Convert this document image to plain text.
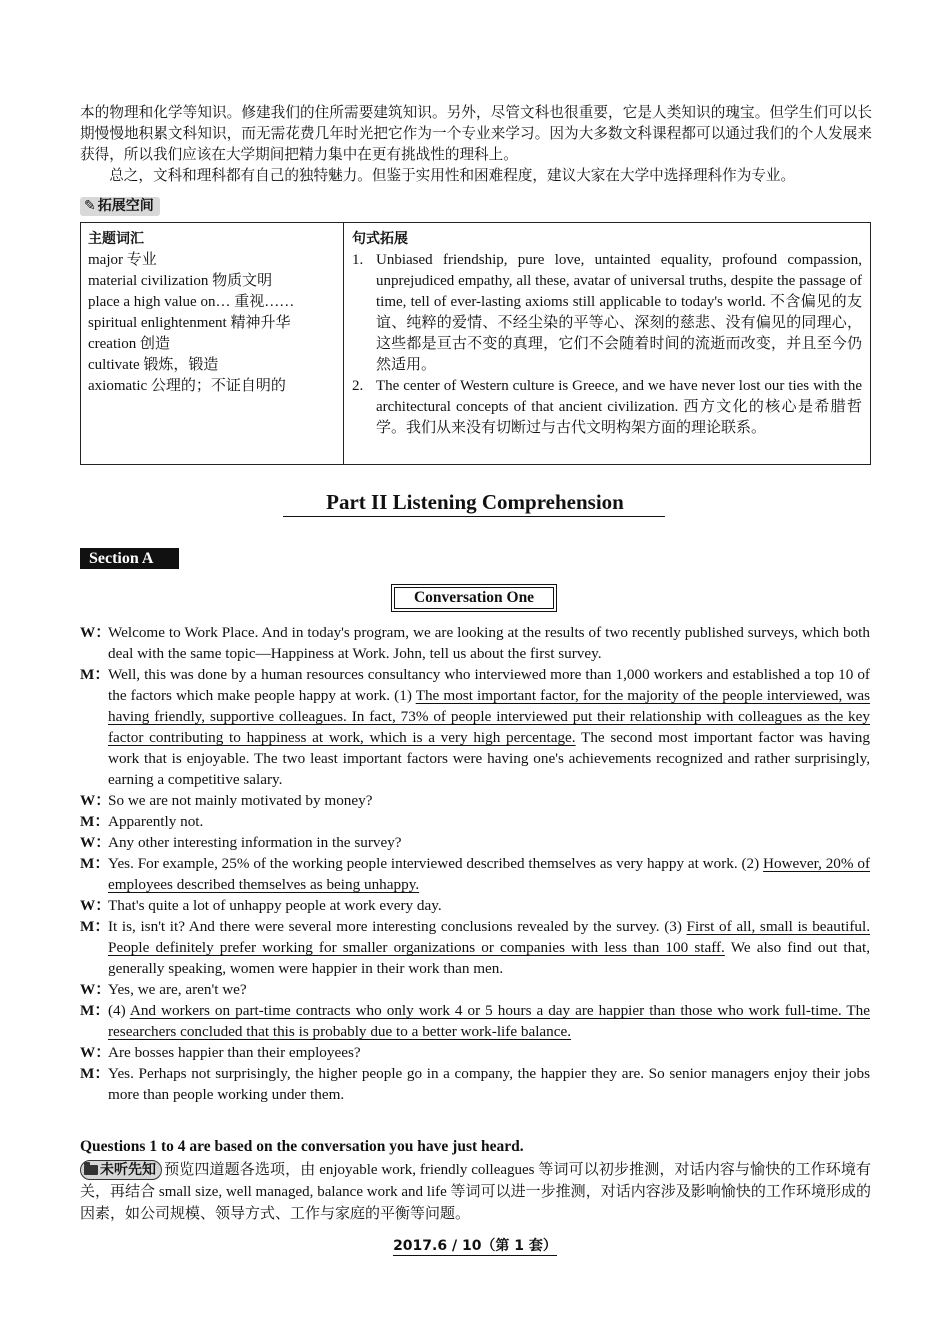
本的物理和化学等知识。修建我们的住所需要建筑知识。另外，尽管文科也很重要，它是人类知识的瑰宝。但学生们可以长期慢慢地积累文科知识，而无需花费几年时光把它作为一个专业来学习。因为大多数文科课程都可以通过我们的个人发展来获得，所以我们应该在大学期间把精力集中在更有挑战性的理科上。

总之，文科和理科都有自己的独特魅力。但鉴于实用性和困难程度，建议大家在大学中选择理科作为专业。

✎ 拓展空间
主题词汇
major 专业
material civilization 物质文明
place a high value on… 重视……
spiritual enlightenment 精神升华
creation 创造
cultivate 锻炼，锻造
axiomatic 公理的；不证自明的
句式拓展
1. Unbiased friendship, pure love, untainted equality, profound compassion, unprejudiced empathy, all these, avatar of universal truths, despite the passage of time, tell of ever-lasting axioms still applicable to today's world. 不含偏见的友谊、纯粹的爱情、不经尘染的平等心、深刻的慈悲、没有偏见的同理心，这些都是亘古不变的真理，它们不会随着时间的流逝而改变，并且至今仍然适用。
2. The center of Western culture is Greece, and we have never lost our ties with the architectural concepts of that ancient civilization. 西方文化的核心是希腊哲学。我们从来没有切断过与古代文明构架方面的理论联系。
Part II Listening Comprehension
Section A
Conversation One
W：
Welcome to Work Place. And in today's program, we are looking at the results of two recently published surveys, which both deal with the same topic—Happiness at Work. John, tell us about the first survey.
M：
Well, this was done by a human resources consultancy who interviewed more than 1,000 workers and established a top 10 of the factors which make people happy at work. (1) The most important factor, for the majority of the people interviewed, was having friendly, supportive colleagues. In fact, 73% of people interviewed put their relationship with colleagues as the key factor contributing to happiness at work, which is a very high percentage. The second most important factor was having work that is enjoyable. The two least important factors were having one's achievements recognized and rather surprisingly, earning a competitive salary.
W：
So we are not mainly motivated by money?
M：
Apparently not.
W：
Any other interesting information in the survey?
M：
Yes. For example, 25% of the working people interviewed described themselves as very happy at work. (2) However, 20% of employees described themselves as being unhappy.
W：
That's quite a lot of unhappy people at work every day.
M：
It is, isn't it? And there were several more interesting conclusions revealed by the survey. (3) First of all, small is beautiful. People definitely prefer working for smaller organizations or companies with less than 100 staff. We also find out that, generally speaking, women were happier in their work than men.
W：
Yes, we are, aren't we?
M：
(4) And workers on part-time contracts who only work 4 or 5 hours a day are happier than those who work full-time. The researchers concluded that this is probably due to a better work-life balance.
W：
Are bosses happier than their employees?
M：
Yes. Perhaps not surprisingly, the higher people go in a company, the happier they are. So senior managers enjoy their jobs more than people working under them.
Questions 1 to 4 are based on the conversation you have just heard.
未听先知 预览四道题各选项，由 enjoyable work, friendly colleagues 等词可以初步推测，对话内容与愉快的工作环境有关，再结合 small size, well managed, balance work and life 等词可以进一步推测，对话内容涉及影响愉快的工作环境形成的因素，如公司规模、领导方式、工作与家庭的平衡等问题。
2017.6 / 10（第 1 套）
